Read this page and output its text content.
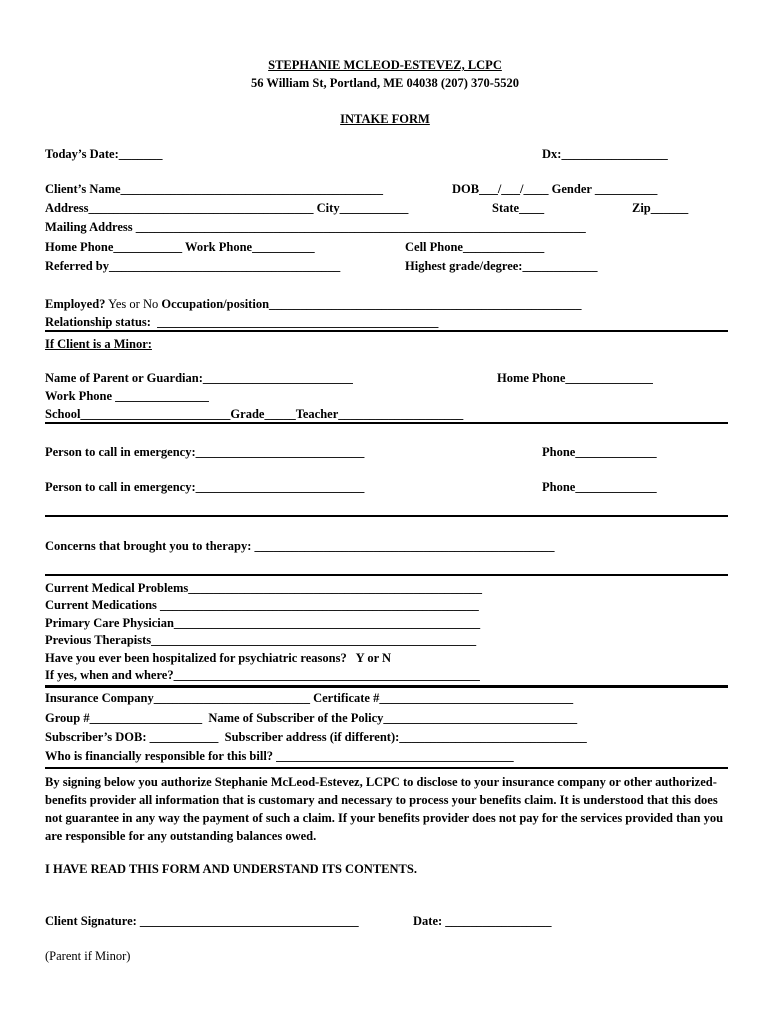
STEPHANIE MCLEOD-ESTEVEZ, LCPC
56 William St, Portland, ME 04038 (207) 370-5520
INTAKE FORM
Today’s Date:_______	Dx:_________________
Client’s Name__________________________________________	DOB___/___/____ Gender __________
Address____________________________________ City___________	State____	Zip______
Mailing Address ________________________________________________________________________
Home Phone___________ Work Phone__________	Cell Phone_____________
Referred by_____________________________________	Highest grade/degree:____________
Employed? Yes or No Occupation/position__________________________________________________
Relationship status:  _____________________________________________
If Client is a Minor:
Name of Parent or Guardian:________________________	Home Phone______________
Work Phone _______________
School________________________Grade_____Teacher____________________
Person to call in emergency:___________________________	Phone_____________
Person to call in emergency:___________________________	Phone_____________
Concerns that brought you to therapy: ________________________________________________
Current Medical Problems_______________________________________________
Current Medications ___________________________________________________
Primary Care Physician_________________________________________________
Previous Therapists____________________________________________________
Have you ever been hospitalized for psychiatric reasons?   Y or N
If yes, when and where?_________________________________________________
Insurance Company_________________________ Certificate #_______________________________
Group #__________________  Name of Subscriber of the Policy_______________________________
Subscriber’s DOB: ___________  Subscriber address (if different):______________________________
Who is financially responsible for this bill? ______________________________________
By signing below you authorize Stephanie McLeod-Estevez, LCPC to disclose to your insurance company or other authorized-benefits provider all information that is customary and necessary to process your benefits claim. It is understood that this does not guarantee in any way the payment of such a claim. If your benefits provider does not pay for the services provided than you are responsible for any outstanding balances owed.
I HAVE READ THIS FORM AND UNDERSTAND ITS CONTENTS.
Client Signature: ___________________________________	Date: _________________
(Parent if Minor)
